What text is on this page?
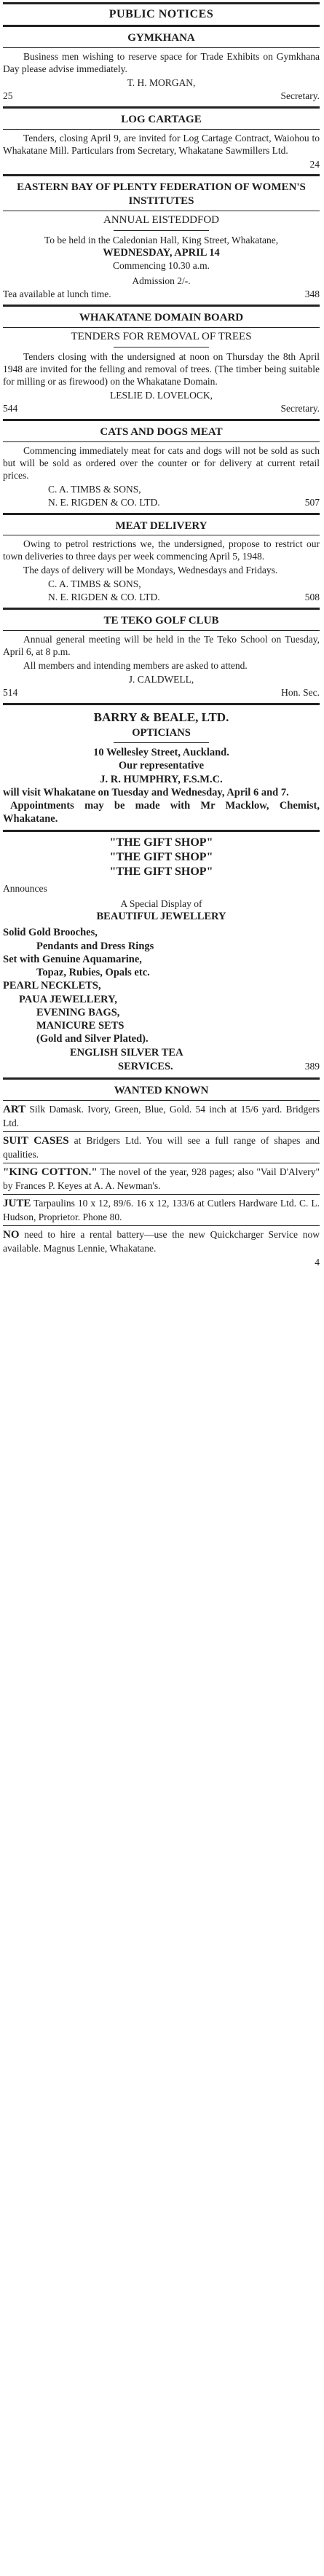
PUBLIC NOTICES
GYMKHANA
Business men wishing to reserve space for Trade Exhibits on Gymkhana Day please advise immediately.
T. H. MORGAN,
25	Secretary.
LOG CARTAGE
Tenders, closing April 9, are invited for Log Cartage Contract, Waiohou to Whakatane Mill. Particulars from Secretary, Whakatane Sawmillers Ltd.
24
EASTERN BAY OF PLENTY FEDERATION OF WOMEN'S INSTITUTES
ANNUAL EISTEDDFOD
To be held in the Caledonian Hall, King Street, Whakatane,
WEDNESDAY, APRIL 14
Commencing 10.30 a.m.
Admission 2/-.
Tea available at lunch time.	348
WHAKATANE DOMAIN BOARD
TENDERS FOR REMOVAL OF TREES
Tenders closing with the undersigned at noon on Thursday the 8th April 1948 are invited for the felling and removal of trees. (The timber being suitable for milling or as firewood) on the Whakatane Domain.
LESLIE D. LOVELOCK,
544	Secretary.
CATS AND DOGS MEAT
Commencing immediately meat for cats and dogs will not be sold as such but will be sold as ordered over the counter or for delivery at current retail prices.
C. A. TIMBS & SONS,
N. E. RIGDEN & CO. LTD.	507
MEAT DELIVERY
Owing to petrol restrictions we, the undersigned, propose to restrict our town deliveries to three days per week commencing April 5, 1948.
The days of delivery will be Mondays, Wednesdays and Fridays.
C. A. TIMBS & SONS,
N. E. RIGDEN & CO. LTD.	508
TE TEKO GOLF CLUB
Annual general meeting will be held in the Te Teko School on Tuesday, April 6, at 8 p.m.
All members and intending members are asked to attend.
J. CALDWELL,
514	Hon. Sec.
BARRY & BEALE, LTD.
OPTICIANS
10 Wellesley Street, Auckland.
Our representative
J. R. HUMPHRY, F.S.M.C.
will visit Whakatane on Tuesday and Wednesday, April 6 and 7.
Appointments may be made with Mr Macklow, Chemist, Whakatane.
"THE GIFT SHOP"
"THE GIFT SHOP"
"THE GIFT SHOP"
Announces
A Special Display of
BEAUTIFUL JEWELLERY
Solid Gold Brooches,
Pendants and Dress Rings
Set with Genuine Aquamarine,
Topaz, Rubies, Opals etc.
PEARL NECKLETS,
PAUA JEWELLERY,
EVENING BAGS,
MANICURE SETS
(Gold and Silver Plated).
ENGLISH SILVER TEA
SERVICES.	389
WANTED KNOWN
ART Silk Damask. Ivory, Green, Blue, Gold. 54 inch at 15/6 yard. Bridgers Ltd.
SUIT CASES at Bridgers Ltd. You will see a full range of shapes and qualities.
"KING COTTON." The novel of the year, 928 pages; also "Vail D'Alvery" by Frances P. Keyes at A. A. Newman's.
JUTE Tarpaulins 10 x 12, 89/6. 16 x 12, 133/6 at Cutlers Hardware Ltd. C. L. Hudson, Proprietor. Phone 80.
NO need to hire a rental battery—use the new Quickcharger Service now available. Magnus Lennie, Whakatane.
4
